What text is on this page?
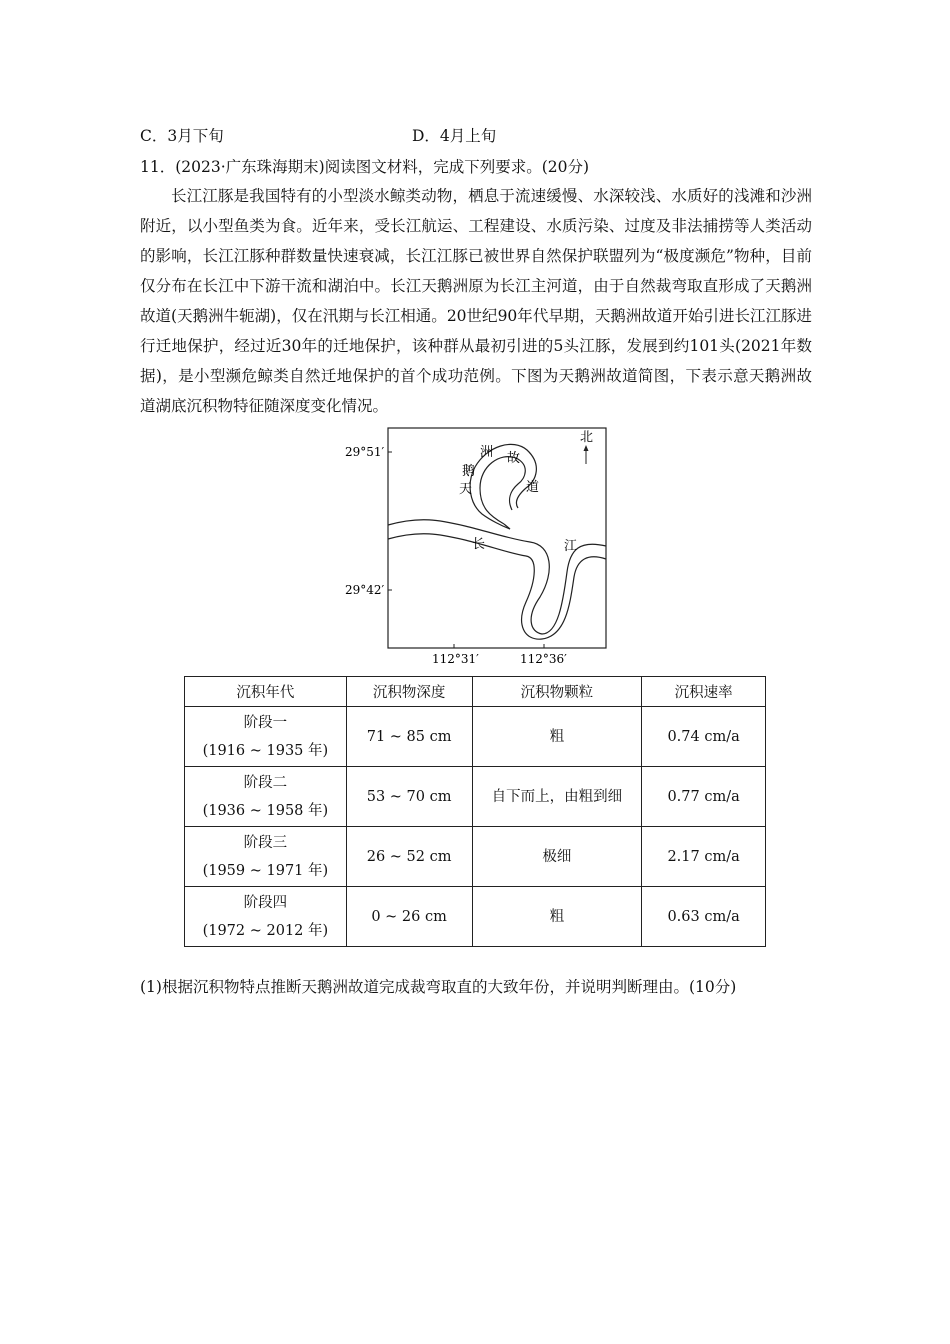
C．3月下旬	D．4月上旬
11．(2023·广东珠海期末)阅读图文材料，完成下列要求。(20分)
长江江豚是我国特有的小型淡水鲸类动物，栖息于流速缓慢、水深较浅、水质好的浅滩和沙洲附近，以小型鱼类为食。近年来，受长江航运、工程建设、水质污染、过度及非法捕捞等人类活动的影响，长江江豚种群数量快速衰减，长江江豚已被世界自然保护联盟列为“极度濒危”物种，目前仅分布在长江中下游干流和湖泊中。长江天鹅洲原为长江主河道，由于自然裁弯取直形成了天鹅洲故道(天鹅洲牛轭湖)，仅在汛期与长江相通。20世纪90年代早期，天鹅洲故道开始引进长江江豚进行迁地保护，经过近30年的迁地保护，该种群从最初引进的5头江豚，发展到约101头(2021年数据)，是小型濒危鲸类自然迁地保护的首个成功范例。下图为天鹅洲故道简图，下表示意天鹅洲故道湖底沉积物特征随深度变化情况。
29°51′
29°42′
112°31′	112°36′
北
天
鹅
洲 故
道
长	江
沉积年代	沉积物深度	沉积物颗粒	沉积速率
阶段一
(1916 ~ 1935 年)	71 ~ 85 cm	粗	0.74 cm/a
阶段二
(1936 ~ 1958 年)	53 ~ 70 cm	自下而上，由粗到细	0.77 cm/a
阶段三
(1959 ~ 1971 年)	26 ~ 52 cm	极细	2.17 cm/a
阶段四
(1972 ~ 2012 年)	0 ~ 26 cm	粗	0.63 cm/a
(1)根据沉积物特点推断天鹅洲故道完成裁弯取直的大致年份，并说明判断理由。(10分)
